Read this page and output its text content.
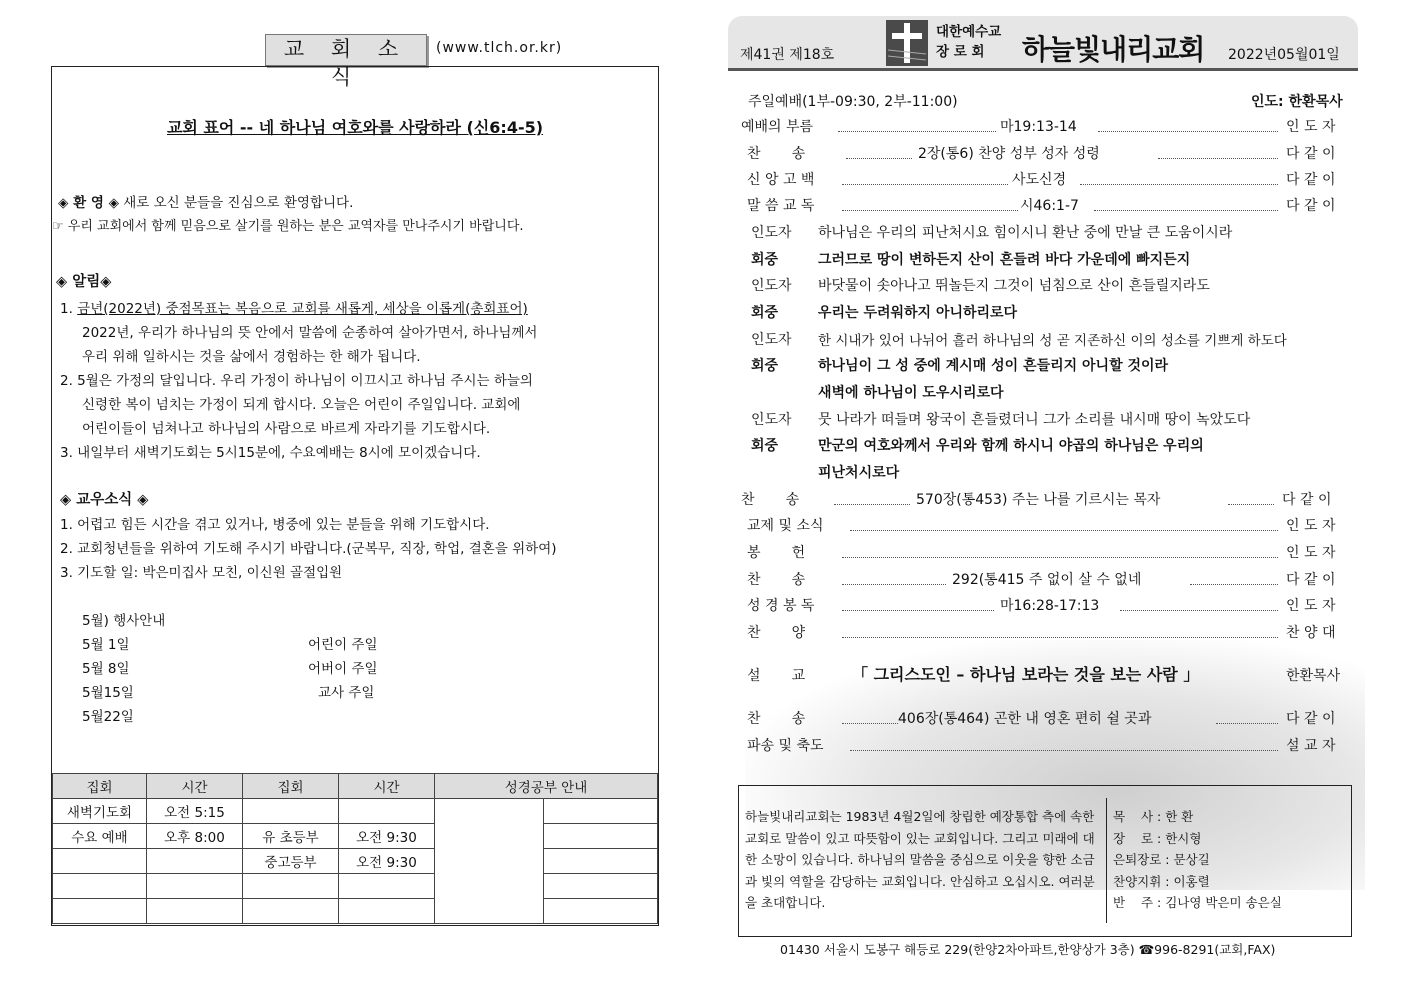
교 회 소 식
(www.tlch.or.kr)
교회 표어 -- 네 하나님 여호와를 사랑하라 (신6:4-5)
◈ 환 영 ◈ 새로 오신 분들을 진심으로 환영합니다.
☞ 우리 교회에서 함께 믿음으로 살기를 원하는 분은 교역자를 만나주시기 바랍니다.
◈ 알림◈
1. 금년(2022년) 중점목표는 복음으로 교회를 새롭게, 세상을 이롭게(총회표어)
2022년, 우리가 하나님의 뜻 안에서 말씀에 순종하여 살아가면서, 하나님께서
우리 위해 일하시는 것을 삶에서 경험하는 한 해가 됩니다.
2. 5월은 가정의 달입니다. 우리 가정이 하나님이 이끄시고 하나님 주시는 하늘의
신령한 복이 넘치는 가정이 되게 합시다. 오늘은 어린이 주일입니다. 교회에
어린이들이 넘쳐나고 하나님의 사람으로 바르게 자라기를 기도합시다.
3. 내일부터 새벽기도회는 5시15분에, 수요예배는 8시에 모이겠습니다.
◈ 교우소식 ◈
1. 어렵고 힘든 시간을 겪고 있거나, 병중에 있는 분들을 위해 기도합시다.
2. 교회청년들을 위하여 기도해 주시기 바랍니다.(군복무, 직장, 학업, 결혼을 위하여)
3. 기도할 일: 박은미집사 모친, 이신원 골절입원
5월) 행사안내
5월 1일	어린이 주일
5월 8일	어버이 주일
5월15일	교사 주일
5월22일
집회	시간	집회	시간	성경공부 안내	
새벽기도회	오전 5:15				
수요 예배	오후 8:00	유 초등부	오전 9:30		
		중고등부	오전 9:30		

제41권 제18호
대한예수교
장 로 회	하늘빛내리교회 2022년05월01일
주일예배(1부-09:30, 2부-11:00)	인도: 한환목사
예배의 부름	마19:13-14	인 도 자
찬       송	2장(통6) 찬양 성부 성자 성령	다 같 이
신 앙 고 백	사도신경	다 같 이
말 씀 교 독	시46:1-7	다 같 이
인도자 하나님은 우리의 피난처시요 힘이시니 환난 중에 만날 큰 도움이시라
회중	그러므로 땅이 변하든지 산이 흔들려 바다 가운데에 빠지든지
인도자 바닷물이 솟아나고 뛰놀든지 그것이 넘침으로 산이 흔들릴지라도
회중	우리는 두려워하지 아니하리로다
인도자 한 시내가 있어 나뉘어 흘러 하나님의 성 곧 지존하신 이의 성소를 기쁘게 하도다
회중	하나님이 그 성 중에 계시매 성이 흔들리지 아니할 것이라
새벽에 하나님이 도우시리로다
인도자 뭇 나라가 떠들며 왕국이 흔들렸더니 그가 소리를 내시매 땅이 녹았도다
회중	만군의 여호와께서 우리와 함께 하시니 야곱의 하나님은 우리의
피난처시로다
찬       송	570장(통453) 주는 나를 기르시는 목자	다 같 이
교제 및 소식	인 도 자
봉       헌	인 도 자
찬       송	292(통415 주 없이 살 수 없네	다 같 이
성 경 봉 독	마16:28-17:13	인 도 자
찬       양	찬 양 대
설       교	「 그리스도인 – 하나님 보라는 것을 보는 사람 」	한환목사
찬       송	406장(통464) 곤한 내 영혼 편히 쉴 곳과	다 같 이
파송 및 축도	설 교 자
하늘빛내리교회는 1983년 4월2일에 창립한 예장통합 측에 속한 교회로 말씀이 있고 따뜻함이 있는 교회입니다. 그리고 미래에 대한 소망이 있습니다. 하나님의 말씀을 중심으로 이웃을 향한 소금과 빛의 역할을 감당하는 교회입니다. 안심하고 오십시오. 여러분을 초대합니다.
목    사 : 한 환
장    로 : 한시형
은퇴장로 : 문상길
찬양지휘 : 이홍렬
반    주 : 김나영 박은미 송은실
01430 서울시 도봉구 해등로 229(한양2차아파트,한양상가 3층) ☎996-8291(교회,FAX)
